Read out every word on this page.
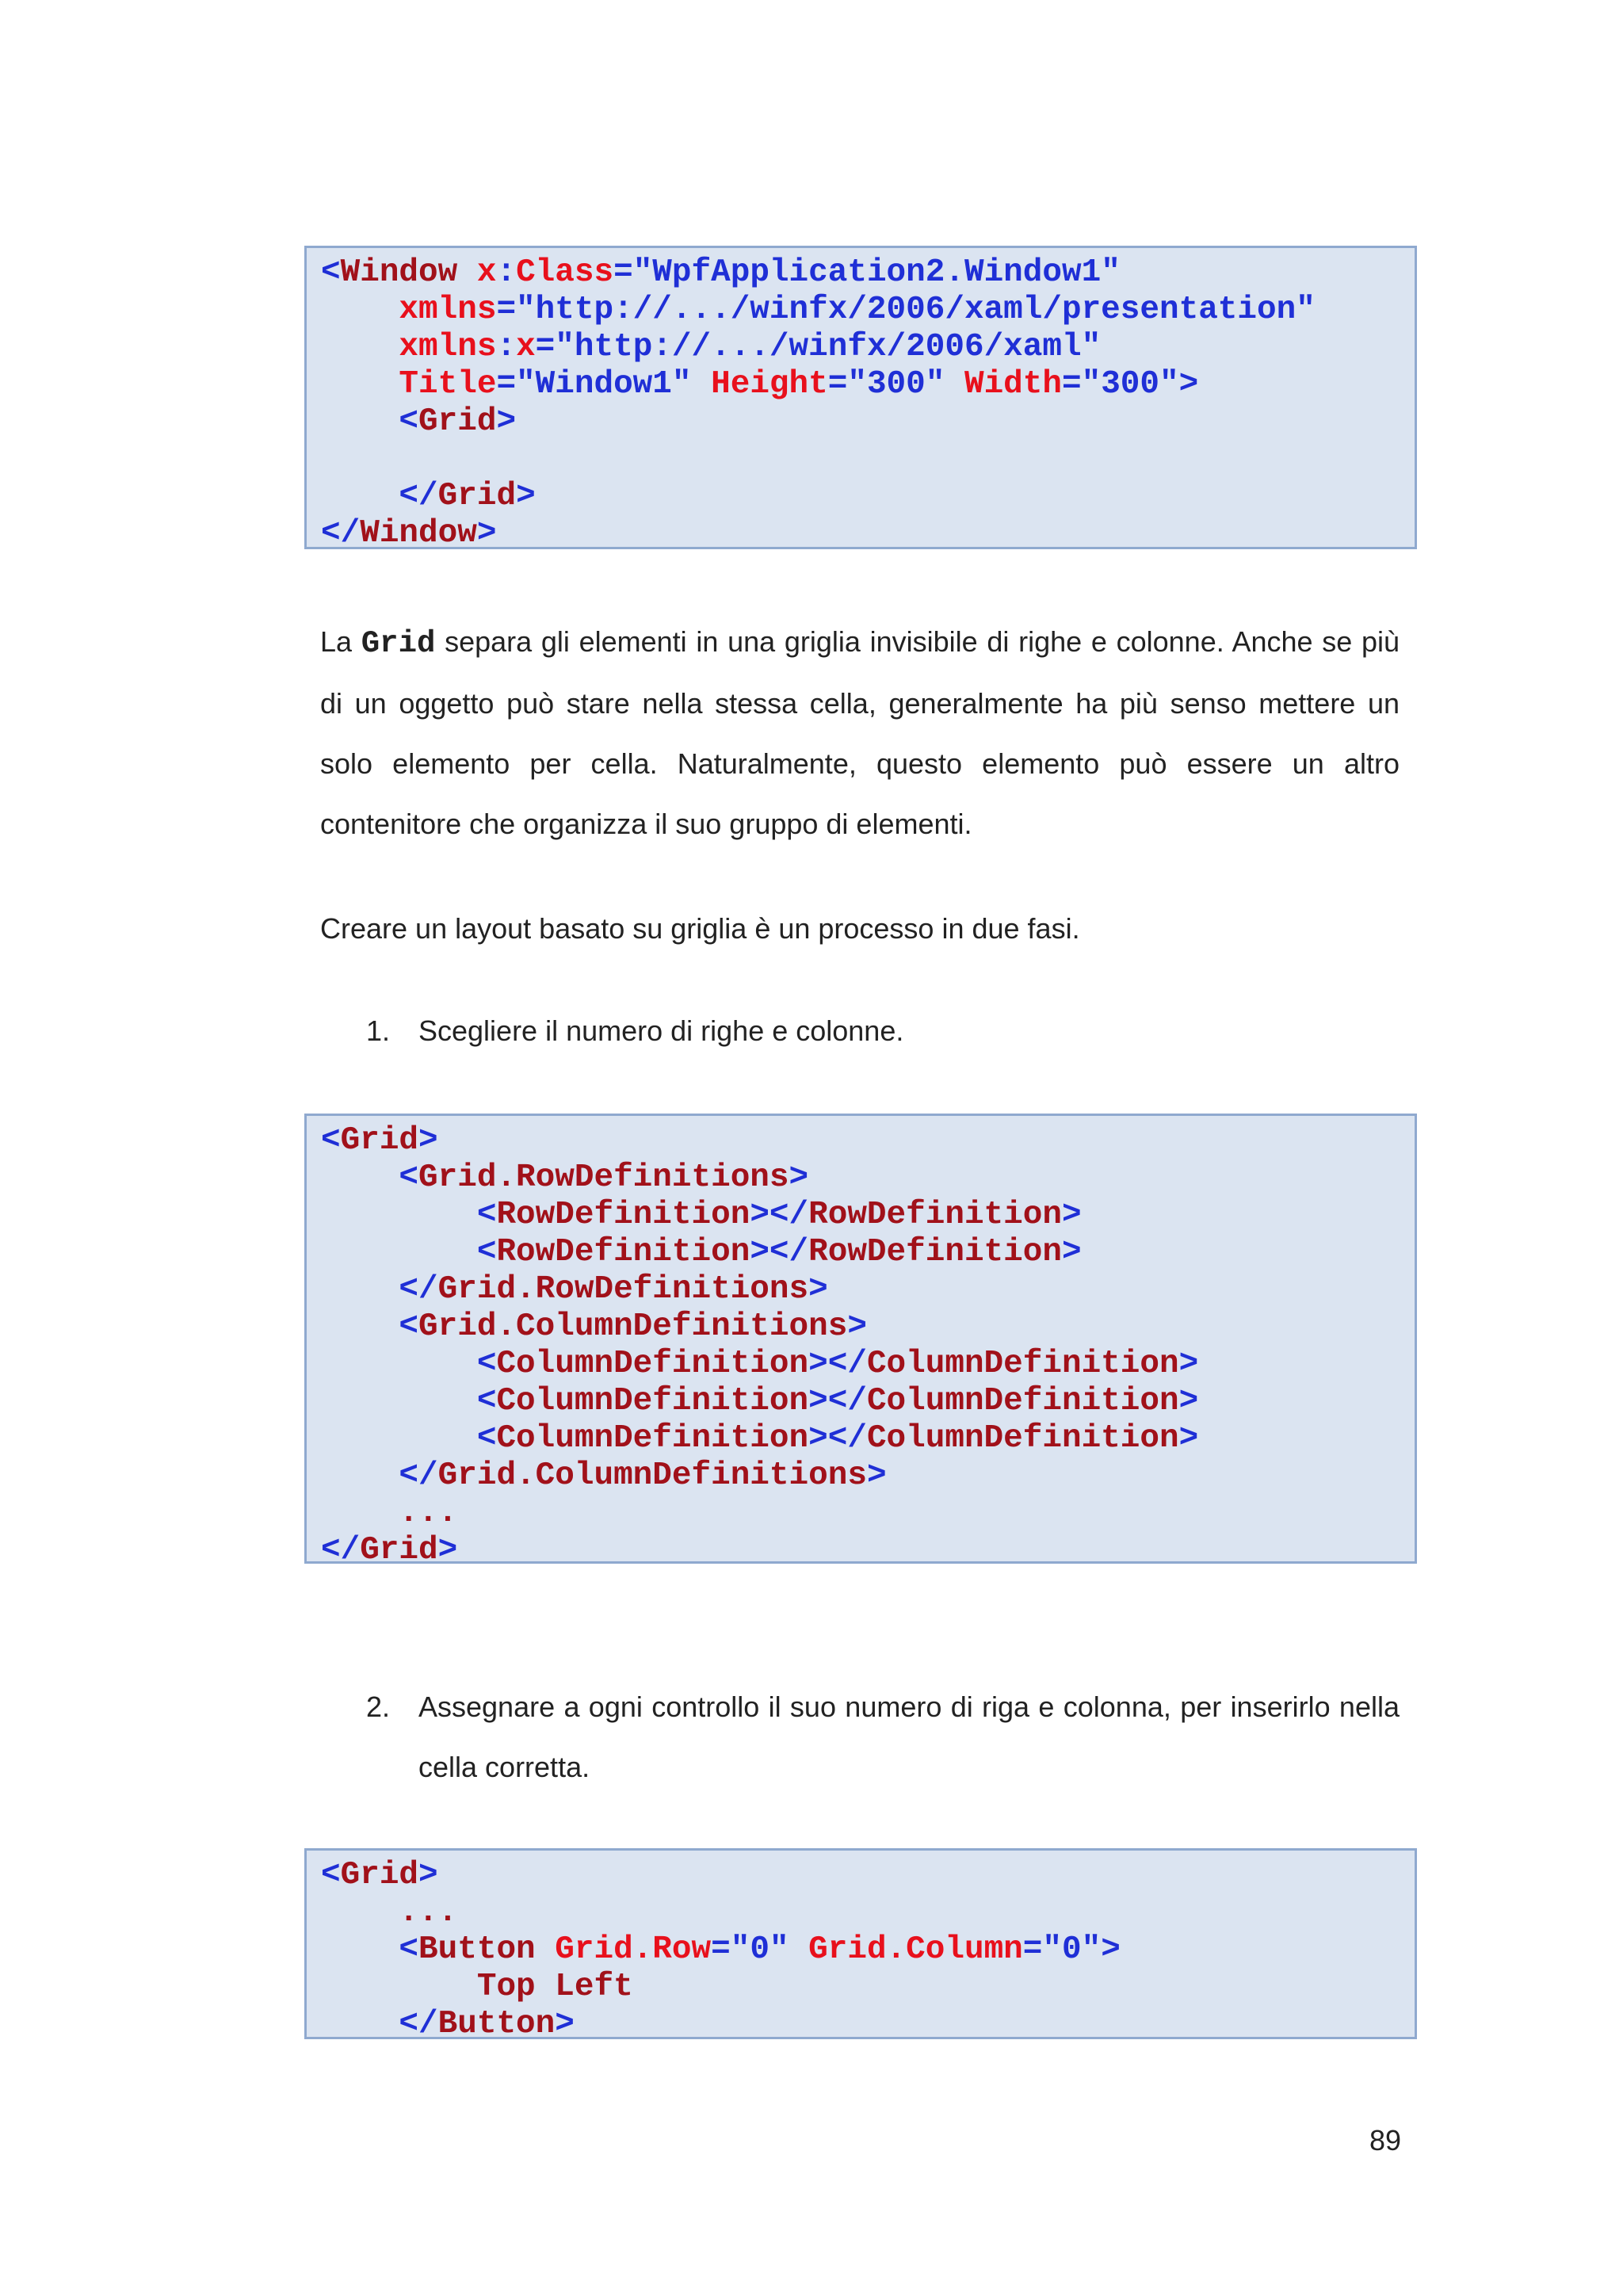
<Window x:Class="WpfApplication2.Window1"
xmlns="http://.../winfx/2006/xaml/presentation"
xmlns:x="http://.../winfx/2006/xaml"
Title="Window1" Height="300" Width="300">
<Grid>
</Grid>
</Window>
La Grid separa gli elementi in una griglia invisibile di righe e colonne. Anche se più di un oggetto può stare nella stessa cella, generalmente ha più senso mettere un solo elemento per cella. Naturalmente, questo elemento può essere un altro contenitore che organizza il suo gruppo di elementi.
Creare un layout basato su griglia è un processo in due fasi.
1. Scegliere il numero di righe e colonne.
<Grid>
<Grid.RowDefinitions>
<RowDefinition></RowDefinition>
<RowDefinition></RowDefinition>
</Grid.RowDefinitions>
<Grid.ColumnDefinitions>
<ColumnDefinition></ColumnDefinition>
<ColumnDefinition></ColumnDefinition>
<ColumnDefinition></ColumnDefinition>
</Grid.ColumnDefinitions>
...
</Grid>
2. Assegnare a ogni controllo il suo numero di riga e colonna, per inserirlo nella cella corretta.
<Grid>
...
<Button Grid.Row="0" Grid.Column="0">
Top Left
</Button>
89
